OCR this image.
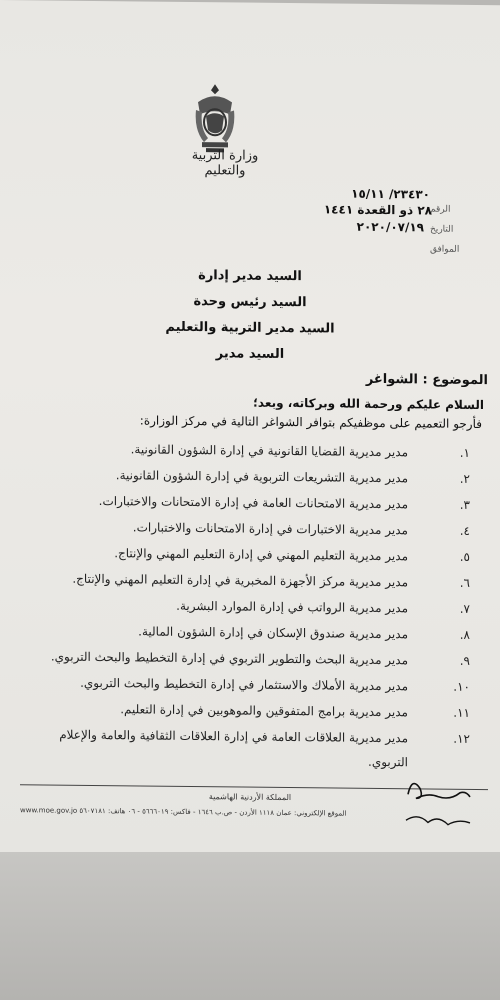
وزارة التربية والتعليم
الرقم
٢٣٤٣٠/ ١٥/١١
التاريخ
٢٨ ذو القعدة ١٤٤١
٢٠٢٠/٠٧/١٩
الموافق
السيد مدير إدارة
السيد رئيس وحدة
السيد مدير التربية والتعليم
السيد مدير
الموضوع : الشواغر
السلام عليكم ورحمة الله وبركاته، وبعد؛
فأرجو التعميم على موظفيكم بتوافر الشواغر التالية في مركز الوزارة:
١.
مدير مديرية القضايا القانونية في إدارة الشؤون القانونية.
٢.
مدير مديرية التشريعات التربوية في إدارة الشؤون القانونية.
٣.
مدير مديرية الامتحانات العامة في إدارة الامتحانات والاختبارات.
٤.
مدير مديرية الاختبارات في إدارة الامتحانات والاختبارات.
٥.
مدير مديرية التعليم المهني في إدارة التعليم المهني والإنتاج.
٦.
مدير مديرية مركز الأجهزة المخبرية في إدارة التعليم المهني والإنتاج.
٧.
مدير مديرية الرواتب في إدارة الموارد البشرية.
٨.
مدير مديرية صندوق الإسكان في إدارة الشؤون المالية.
٩.
مدير مديرية البحث والتطوير التربوي في إدارة التخطيط والبحث التربوي.
١٠.
مدير مديرية الأملاك والاستثمار في إدارة التخطيط والبحث التربوي.
١١.
مدير مديرية برامج المتفوقين والموهوبين في إدارة التعليم.
١٢.
مدير مديرية العلاقات العامة في إدارة العلاقات الثقافية والعامة والإعلام
التربوي.
المملكة الأردنية الهاشمية
www.moe.gov.jo الموقع الإلكتروني: عمان ١١١٨ الأردن - ص.ب ١٦٤٦ - فاكس: ٥٦٦٦٠١٩ - ٠٦ هاتف: ٥٦٠٧١٨١
